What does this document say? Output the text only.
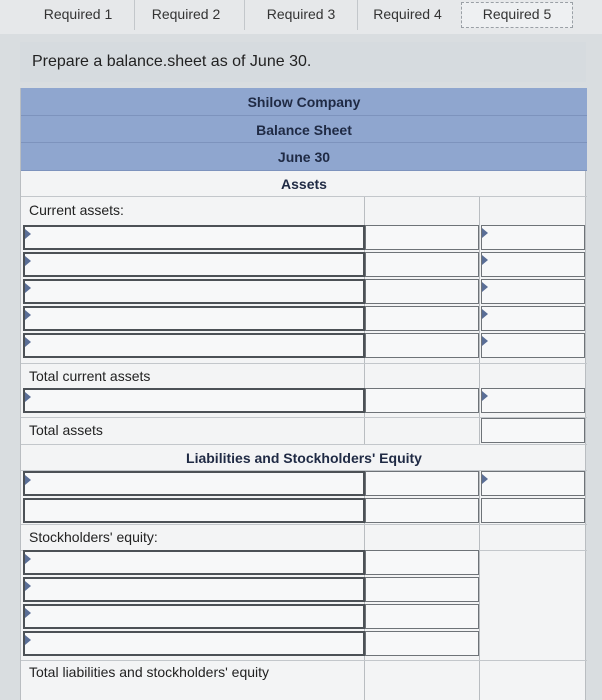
Required 1	Required 2	Required 3	Required 4	Required 5
Prepare a balance.sheet as of June 30.
Shilow Company
Balance Sheet
June 30
Assets
Current assets:
Total current assets
Total assets
Liabilities and Stockholders' Equity
Stockholders' equity:
Total liabilities and stockholders' equity
